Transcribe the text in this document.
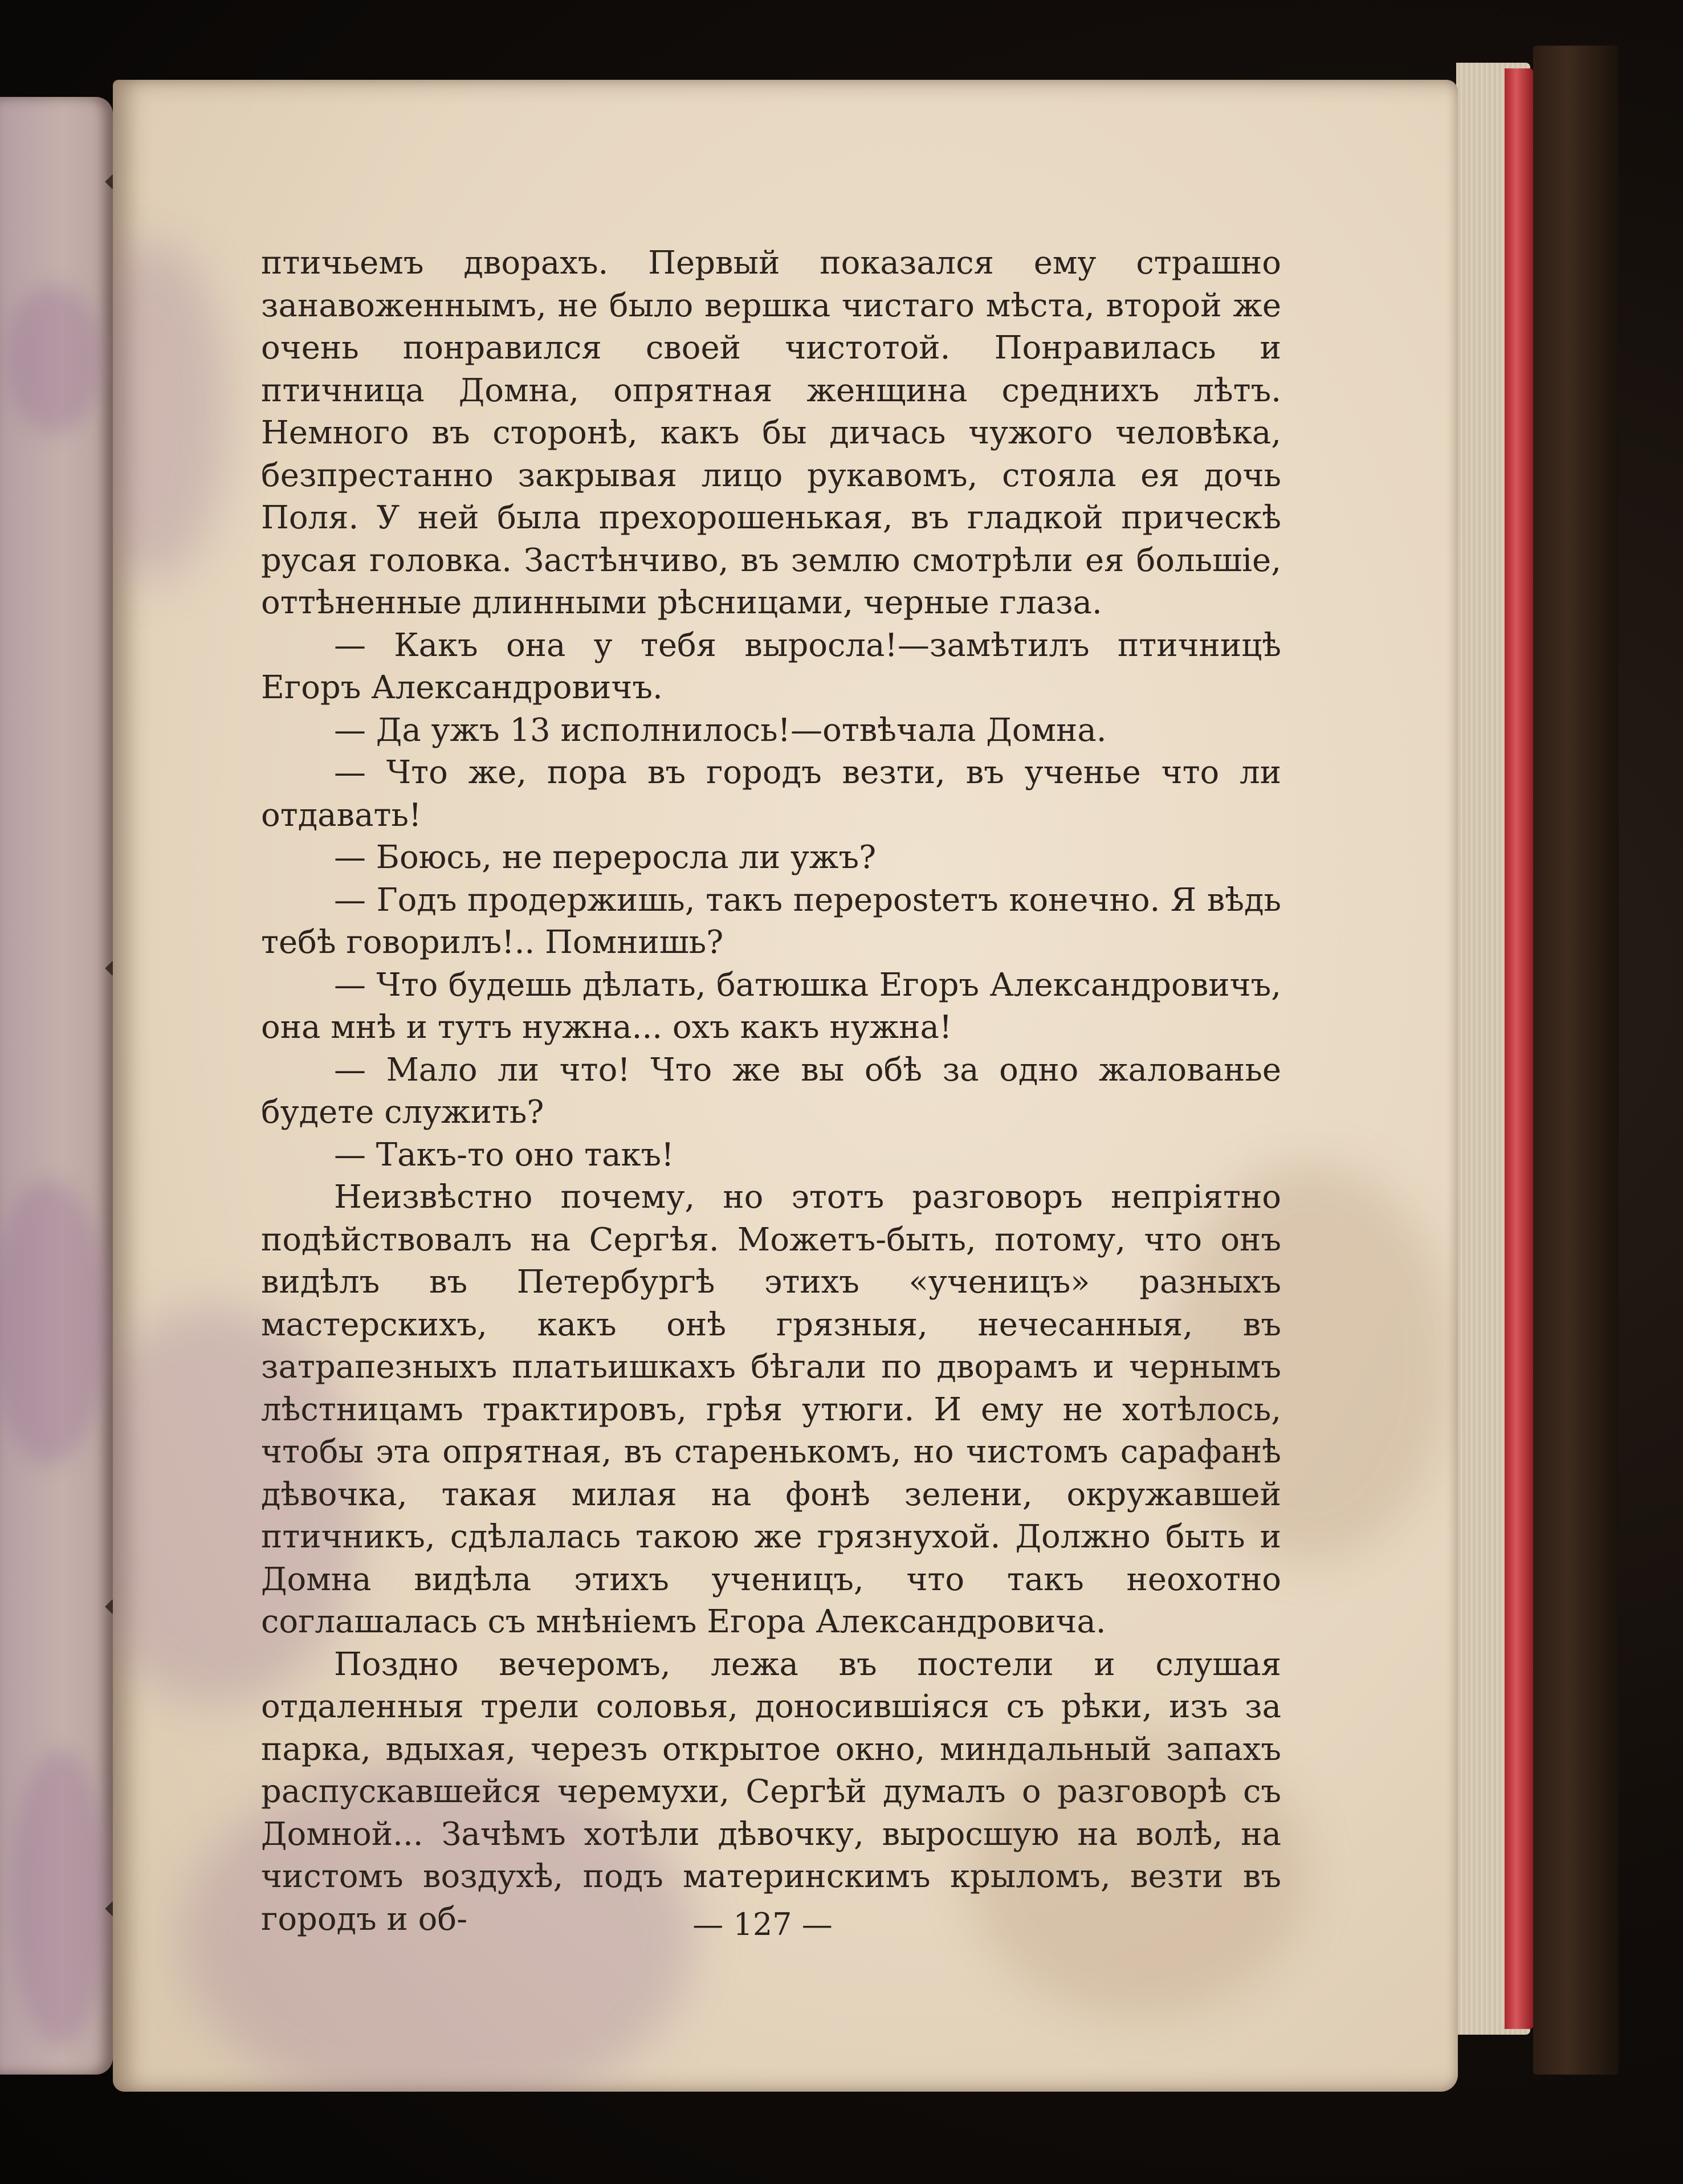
птичьемъ дворахъ. Первый показался ему страшно занавоженнымъ, не было вершка чистаго мѣста, второй же очень понравился своей чистотой. Понравилась и птичница Домна, опрятная женщина среднихъ лѣтъ. Немного въ сторонѣ, какъ бы дичась чужого человѣка, безпрестанно закрывая лицо рукавомъ, стояла ея дочь Поля. У ней была прехорошенькая, въ гладкой прическѣ русая головка. Застѣнчиво, въ землю смотрѣли ея большiе, оттѣненные длинными рѣсницами, черные глаза.

— Какъ она у тебя выросла!—замѣтилъ птичницѣ Егоръ Александровичъ.

— Да ужъ 13 исполнилось!—отвѣчала Домна.

— Что же, пора въ городъ везти, въ ученье что ли отдавать!

— Боюсь, не переросла ли ужъ?

— Годъ продержишь, такъ перерostетъ конечно. Я вѣдь тебѣ говорилъ!.. Помнишь?

— Что будешь дѣлать, батюшка Егоръ Александровичъ, она мнѣ и тутъ нужна... охъ какъ нужна!

— Мало ли что! Что же вы обѣ за одно жалованье будете служить?

— Такъ-то оно такъ!

Неизвѣстно почему, но этотъ разговоръ непрiятно подѣйствовалъ на Сергѣя. Можетъ-быть, потому, что онъ видѣлъ въ Петербургѣ этихъ «ученицъ» разныхъ мастерскихъ, какъ онѣ грязныя, нечесанныя, въ затрапезныхъ платьишкахъ бѣгали по дворамъ и чернымъ лѣстницамъ трактировъ, грѣя утюги. И ему не хотѣлось, чтобы эта опрятная, въ старенькомъ, но чистомъ сарафанѣ дѣвочка, такая милая на фонѣ зелени, окружавшей птичникъ, сдѣлалась такою же грязнухой. Должно быть и Домна видѣла этихъ ученицъ, что такъ неохотно соглашалась съ мнѣнiемъ Егора Александровича.

Поздно вечеромъ, лежа въ постели и слушая отдаленныя трели соловья, доносившiяся съ рѣки, изъ за парка, вдыхая, черезъ открытое окно, миндальный запахъ распускавшейся черемухи, Сергѣй думалъ о разговорѣ съ Домной... Зачѣмъ хотѣли дѣвочку, выросшую на волѣ, на чистомъ воздухѣ, подъ материнскимъ крыломъ, везти въ городъ и об-	— 127 —
